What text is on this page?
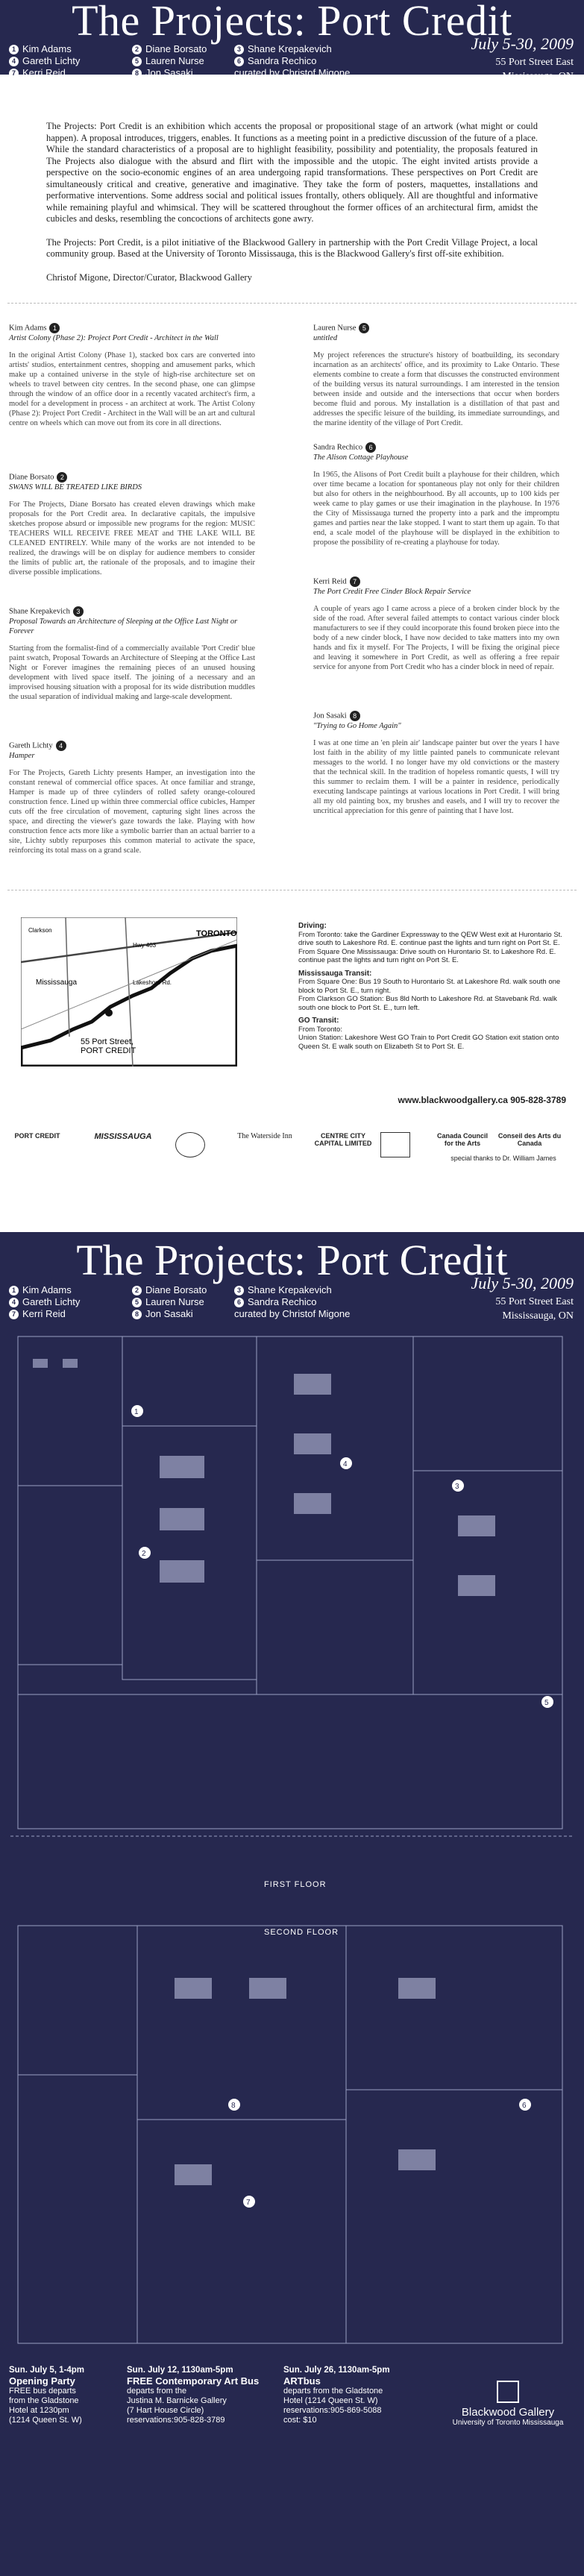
The Projects: Port Credit
1 Kim Adams
4 Gareth Lichty
7 Kerri Reid
2 Diane Borsato
5 Lauren Nurse
8 Jon Sasaki
3 Shane Krepakevich
6 Sandra Rechico
curated by Christof Migone
July 5-30, 2009
55 Port Street East
Mississauga, ON

The Projects: Port Credit is an exhibition which accents the proposal or propositional stage of an artwork (what might or could happen). A proposal introduces, triggers, enables. It functions as a meeting point in a predictive discussion of the future of a place. While the standard characteristics of a proposal are to highlight feasibility, possibility and potentiality, the proposals featured in The Projects also dialogue with the absurd and flirt with the impossible and the utopic. The eight invited artists provide a perspective on the socio-economic engines of an area undergoing rapid transformations. These perspectives on Port Credit are simultaneously critical and creative, generative and imaginative. They take the form of posters, maquettes, installations and performative interventions. Some address social and political issues frontally, others obliquely. All are thoughtful and informative while remaining playful and whimsical. They will be scattered throughout the former offices of an architectural firm, amidst the cubicles and desks, resembling the concoctions of architects gone awry.

The Projects: Port Credit, is a pilot initiative of the Blackwood Gallery in partnership with the Port Credit Village Project, a local community group. Based at the University of Toronto Mississauga, this is the Blackwood Gallery's first off-site exhibition.

Christof Migone, Director/Curator, Blackwood Gallery

Kim Adams 1
Artist Colony (Phase 2): Project Port Credit - Architect in the Wall
In the original Artist Colony (Phase 1), stacked box cars are converted into artists' studios, entertainment centres, shopping and amusement parks, which make up a contained universe in the style of high-rise architecture set on wheels to travel between city centres. In the second phase, one can glimpse through the window of an office door in a recently vacated architect's firm, a model for a development in process - an architect at work. The Artist Colony (Phase 2): Project Port Credit - Architect in the Wall will be an art and cultural centre on wheels which can move out from its core in all directions.
Diane Borsato 2
SWANS WILL BE TREATED LIKE BIRDS
For The Projects, Diane Borsato has created eleven drawings which make proposals for the Port Credit area. In declarative capitals, the impulsive sketches propose absurd or impossible new programs for the region: MUSIC TEACHERS WILL RECEIVE FREE MEAT and THE LAKE WILL BE CLEANED ENTIRELY. While many of the works are not intended to be realized, the drawings will be on display for audience members to consider the limits of public art, the rationale of the proposals, and to imagine their diverse possible implications.
Shane Krepakevich 3
Proposal Towards an Architecture of Sleeping at the Office Last Night or Forever
Starting from the formalist-find of a commercially available 'Port Credit' blue paint swatch, Proposal Towards an Architecture of Sleeping at the Office Last Night or Forever imagines the remaining pieces of an unused housing development with lived space itself. The joining of a necessary and an improvised housing situation with a proposal for its wide distribution muddles the usual separation of individual making and large-scale development.
Gareth Lichty 4
Hamper
For The Projects, Gareth Lichty presents Hamper, an investigation into the constant renewal of commercial office spaces. At once familiar and strange, Hamper is made up of three cylinders of rolled safety orange-coloured construction fence. Lined up within three commercial office cubicles, Hamper cuts off the free circulation of movement, capturing sight lines across the space, and directing the viewer's gaze towards the lake. Playing with how construction fence acts more like a symbolic barrier than an actual barrier to a site, Lichty subtly repurposes this common material to activate the space, reinforcing its total mass on a grand scale.
Lauren Nurse 5
untitled
My project references the structure's history of boatbuilding, its secondary incarnation as an architects' office, and its proximity to Lake Ontario. These elements combine to create a form that discusses the constructed environment of the building versus its natural surroundings. I am interested in the tension between inside and outside and the intersections that occur when borders become fluid and porous. My installation is a distillation of that past and addresses the specific leisure of the building, its immediate surroundings, and the marine identity of the village of Port Credit.
Sandra Rechico 6
The Alison Cottage Playhouse
In 1965, the Alisons of Port Credit built a playhouse for their children, which over time became a location for spontaneous play not only for their children but also for others in the neighbourhood. By all accounts, up to 100 kids per week came to play games or use their imagination in the playhouse. In 1976 the City of Mississauga turned the property into a park and the impromptu games and parties near the lake stopped. I want to start them up again. To that end, a scale model of the playhouse will be displayed in the exhibition to propose the possibility of re-creating a playhouse for today.
Kerri Reid 7
The Port Credit Free Cinder Block Repair Service
A couple of years ago I came across a piece of a broken cinder block by the side of the road. After several failed attempts to contact various cinder block manufacturers to see if they could incorporate this found broken piece into the body of a new cinder block, I have now decided to take matters into my own hands and fix it myself. For The Projects, I will be fixing the original piece and leaving it somewhere in Port Credit, as well as offering a free repair service for anyone from Port Credit who has a cinder block in need of repair.
Jon Sasaki 8
"Trying to Go Home Again"
I was at one time an 'en plein air' landscape painter but over the years I have lost faith in the ability of my little painted panels to communicate relevant messages to the world. I no longer have my old convictions or the mastery that the technical skill. In the tradition of hopeless romantic quests, I will try this summer to reclaim them. I will be a painter in residence, periodically executing landscape paintings at various locations in Port Credit. I will bring all my old painting box, my brushes and easels, and I will try to recover the uncritical appreciation for this genre of painting that I have lost.
TORONTO
55 Port Street,
PORT CREDIT
Mississauga
Hwy 403
Lakeshore Rd.
Clarkson
Driving:
From Toronto: take the Gardiner Expressway to the QEW West exit at Hurontario St. drive south to Lakeshore Rd. E. continue past the lights and turn right on Port St. E.
From Square One Mississauga: Drive south on Hurontario St. to Lakeshore Rd. E. continue past the lights and turn right on Port St. E.
Mississauga Transit:
From Square One: Bus 19 South to Hurontario St. at Lakeshore Rd. walk south one block to Port St. E., turn right.
From Clarkson GO Station: Bus 8ld North to Lakeshore Rd. at Stavebank Rd. walk south one block to Port St. E., turn left.
GO Transit:
From Toronto:
Union Station: Lakeshore West GO Train to Port Credit GO Station exit station onto Queen St. E walk south on Elizabeth St to Port St. E.
www.blackwoodgallery.ca 905-828-3789
PORT CREDIT	MISSISSAUGA	The Waterside Inn	CENTRE CITY CAPITAL LIMITED
Canada Council for the Arts
Conseil des Arts du Canada
special thanks to Dr. William James
The Projects: Port Credit
1 Kim Adams
4 Gareth Lichty
7 Kerri Reid
2 Diane Borsato
5 Lauren Nurse
8 Jon Sasaki
3 Shane Krepakevich
6 Sandra Rechico
curated by Christof Migone
July 5-30, 2009
55 Port Street East
Mississauga, ON
1
2
3
4
5
6
7
8
FIRST FLOOR
SECOND FLOOR
Sun. July 5, 1-4pm
Opening Party
FREE bus departs
from the Gladstone
Hotel at 1230pm
(1214 Queen St. W)
Sun. July 12, 1130am-5pm
FREE Contemporary Art Bus
departs from the
Justina M. Barnicke Gallery
(7 Hart House Circle)
reservations:905-828-3789
Sun. July 26, 1130am-5pm
ARTbus
departs from the Gladstone
Hotel (1214 Queen St. W)
reservations:905-869-5088
cost: $10
Blackwood Gallery
University of Toronto Mississauga
